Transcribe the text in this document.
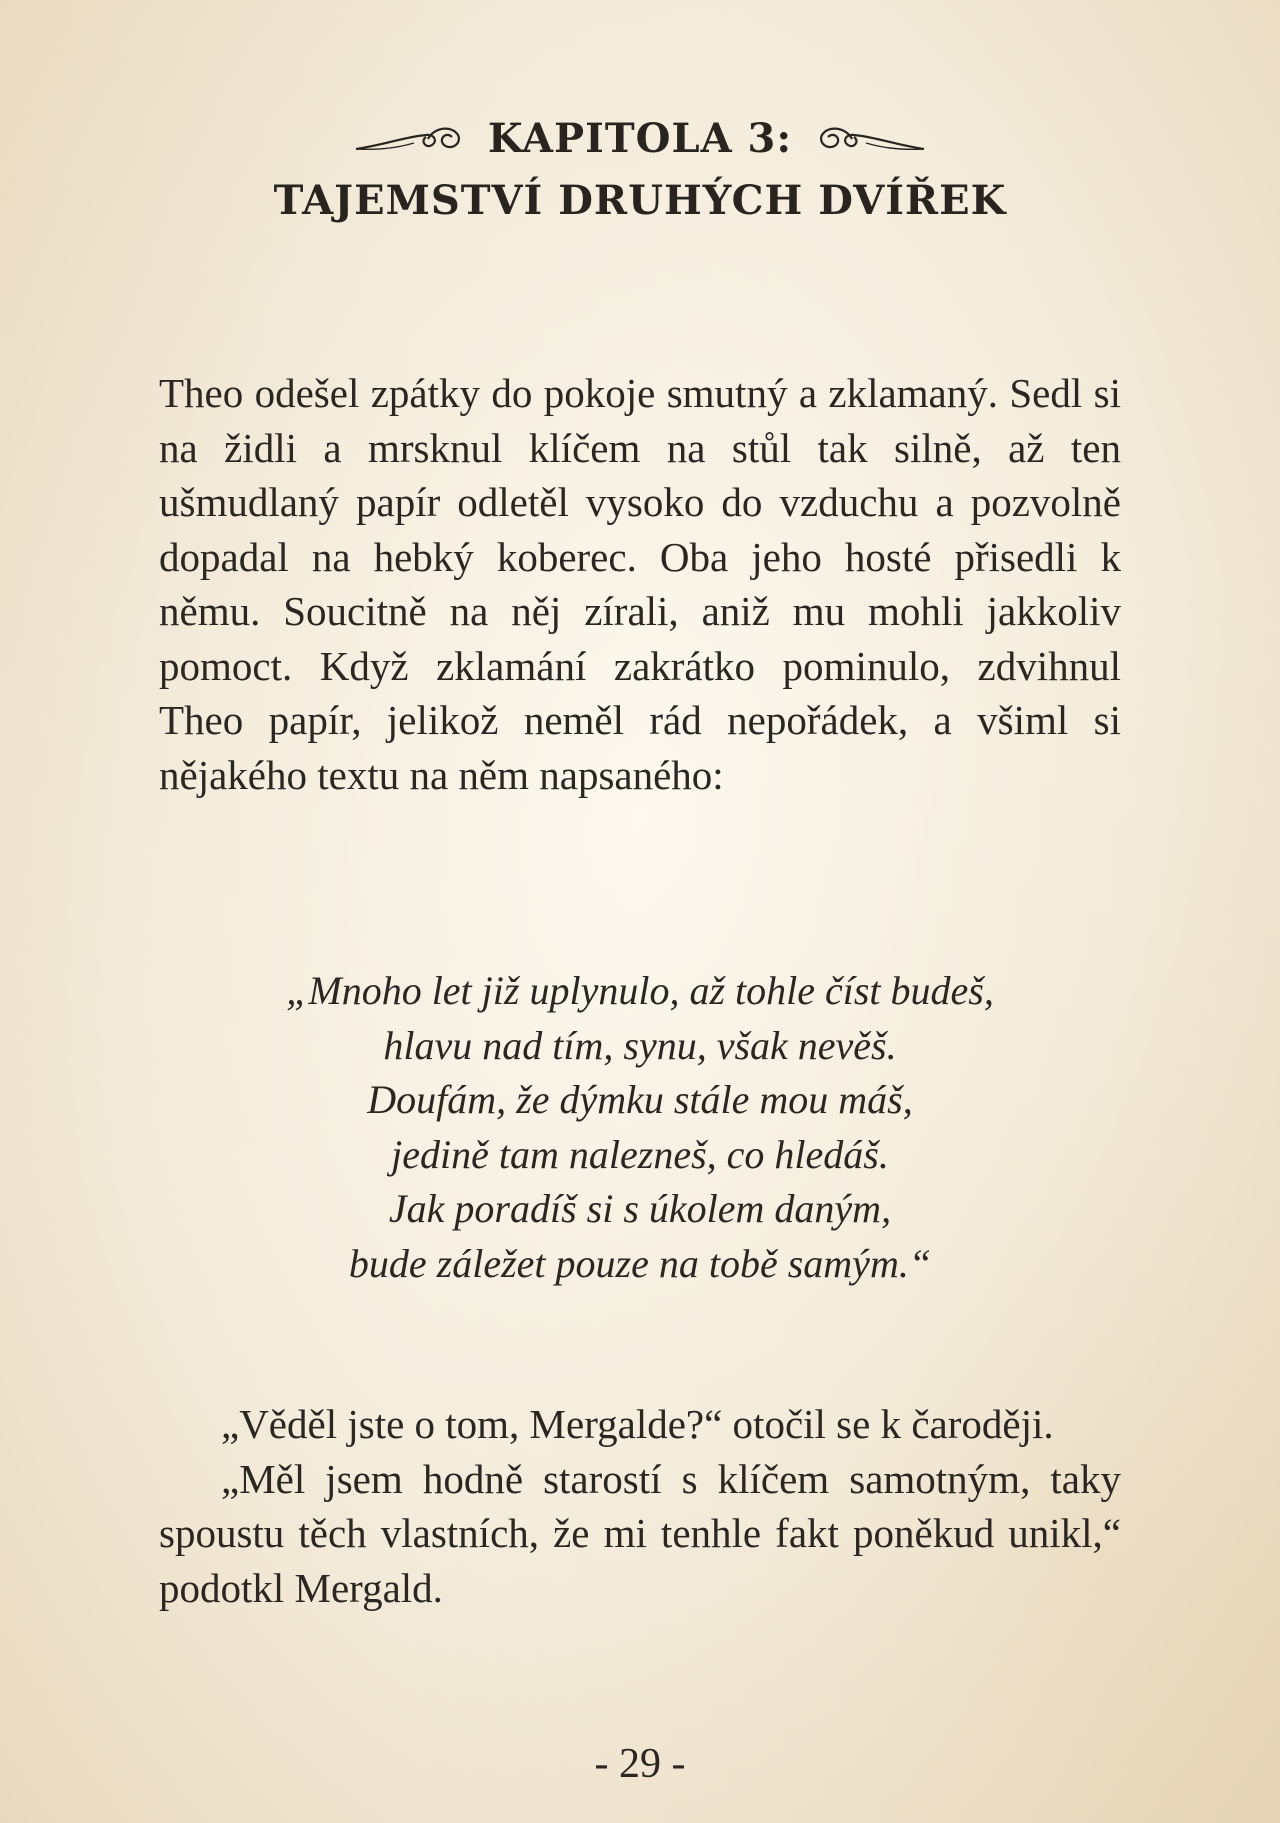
KAPITOLA 3:
TAJEMSTVÍ DRUHÝCH DVÍŘEK
Theo odešel zpátky do pokoje smutný a zklamaný. Sedl si na židli a mrsknul klíčem na stůl tak silně, až ten ušmudlaný papír odletěl vysoko do vzduchu a pozvolně dopadal na hebký koberec. Oba jeho hosté přisedli k němu. Soucitně na něj zírali, aniž mu mohli jakkoliv pomoct. Když zklamání zakrátko pominulo, zdvihnul Theo papír, jelikož neměl rád nepořádek, a všiml si nějakého textu na něm napsaného:
„Mnoho let již uplynulo, až tohle číst budeš,
hlavu nad tím, synu, však nevěš.
Doufám, že dýmku stále mou máš,
jedině tam nalezneš, co hledáš.
Jak poradíš si s úkolem daným,
bude záležet pouze na tobě samým.“

„Věděl jste o tom, Mergalde?“ otočil se k čaroději.

„Měl jsem hodně starostí s klíčem samotným, taky spoustu těch vlastních, že mi tenhle fakt poněkud unikl,“ podotkl Mergald.

- 29 -
